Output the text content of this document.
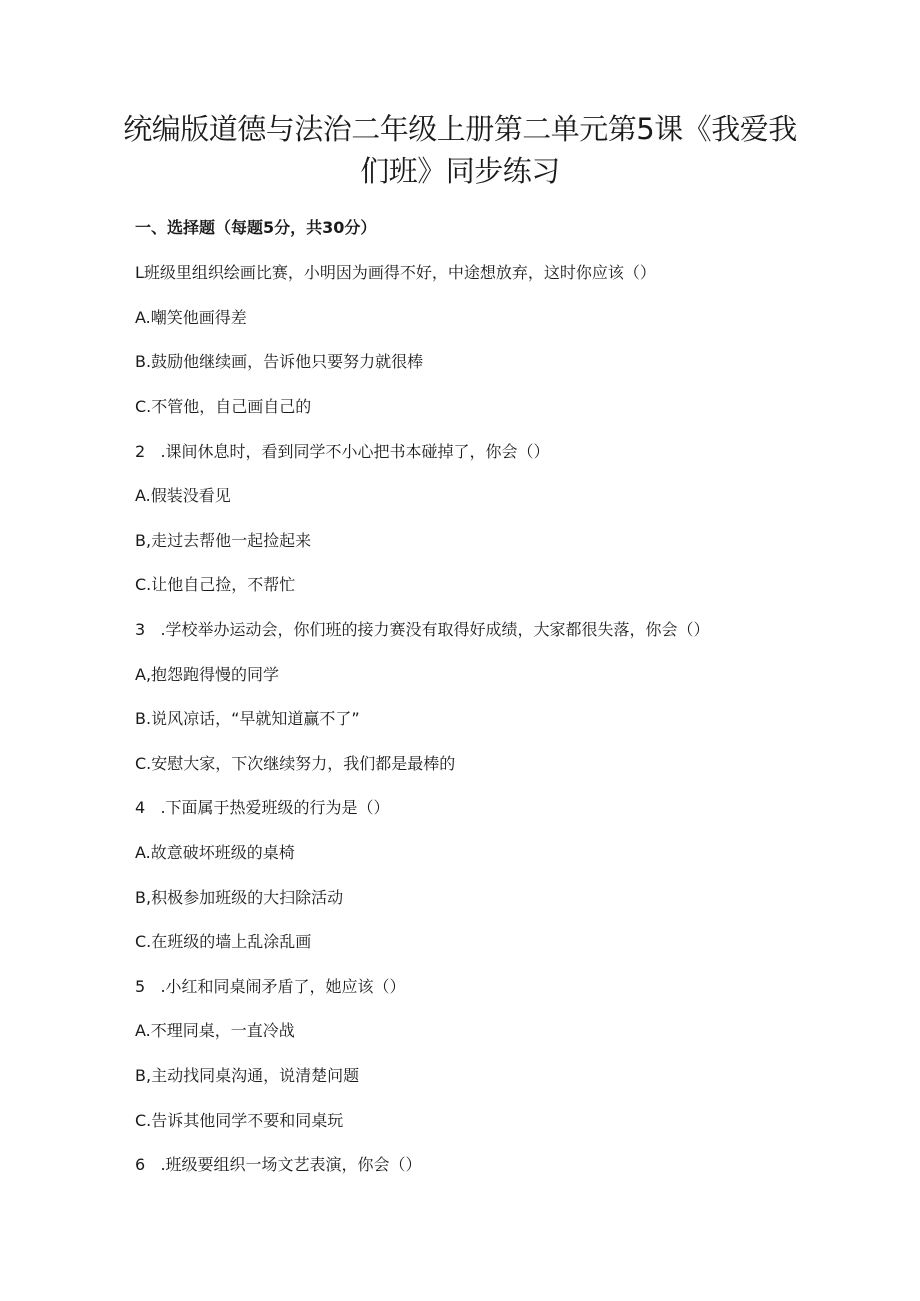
统编版道德与法治二年级上册第二单元第5课《我爱我
们班》同步练习
一、选择题（每题5分，共30分）
L班级里组织绘画比赛，小明因为画得不好，中途想放弃，这时你应该（）
A.嘲笑他画得差
B.鼓励他继续画，告诉他只要努力就很棒
C.不管他，自己画自己的
2   .课间休息时，看到同学不小心把书本碰掉了，你会（）
A.假装没看见
B,走过去帮他一起捡起来
C.让他自己捡，不帮忙
3   .学校举办运动会，你们班的接力赛没有取得好成绩，大家都很失落，你会（）
A,抱怨跑得慢的同学
B.说风凉话，“早就知道赢不了”
C.安慰大家，下次继续努力，我们都是最棒的
4   .下面属于热爱班级的行为是（）
A.故意破坏班级的桌椅
B,积极参加班级的大扫除活动
C.在班级的墙上乱涂乱画
5   .小红和同桌闹矛盾了，她应该（）
A.不理同桌，一直冷战
B,主动找同桌沟通，说清楚问题
C.告诉其他同学不要和同桌玩
6   .班级要组织一场文艺表演，你会（）
